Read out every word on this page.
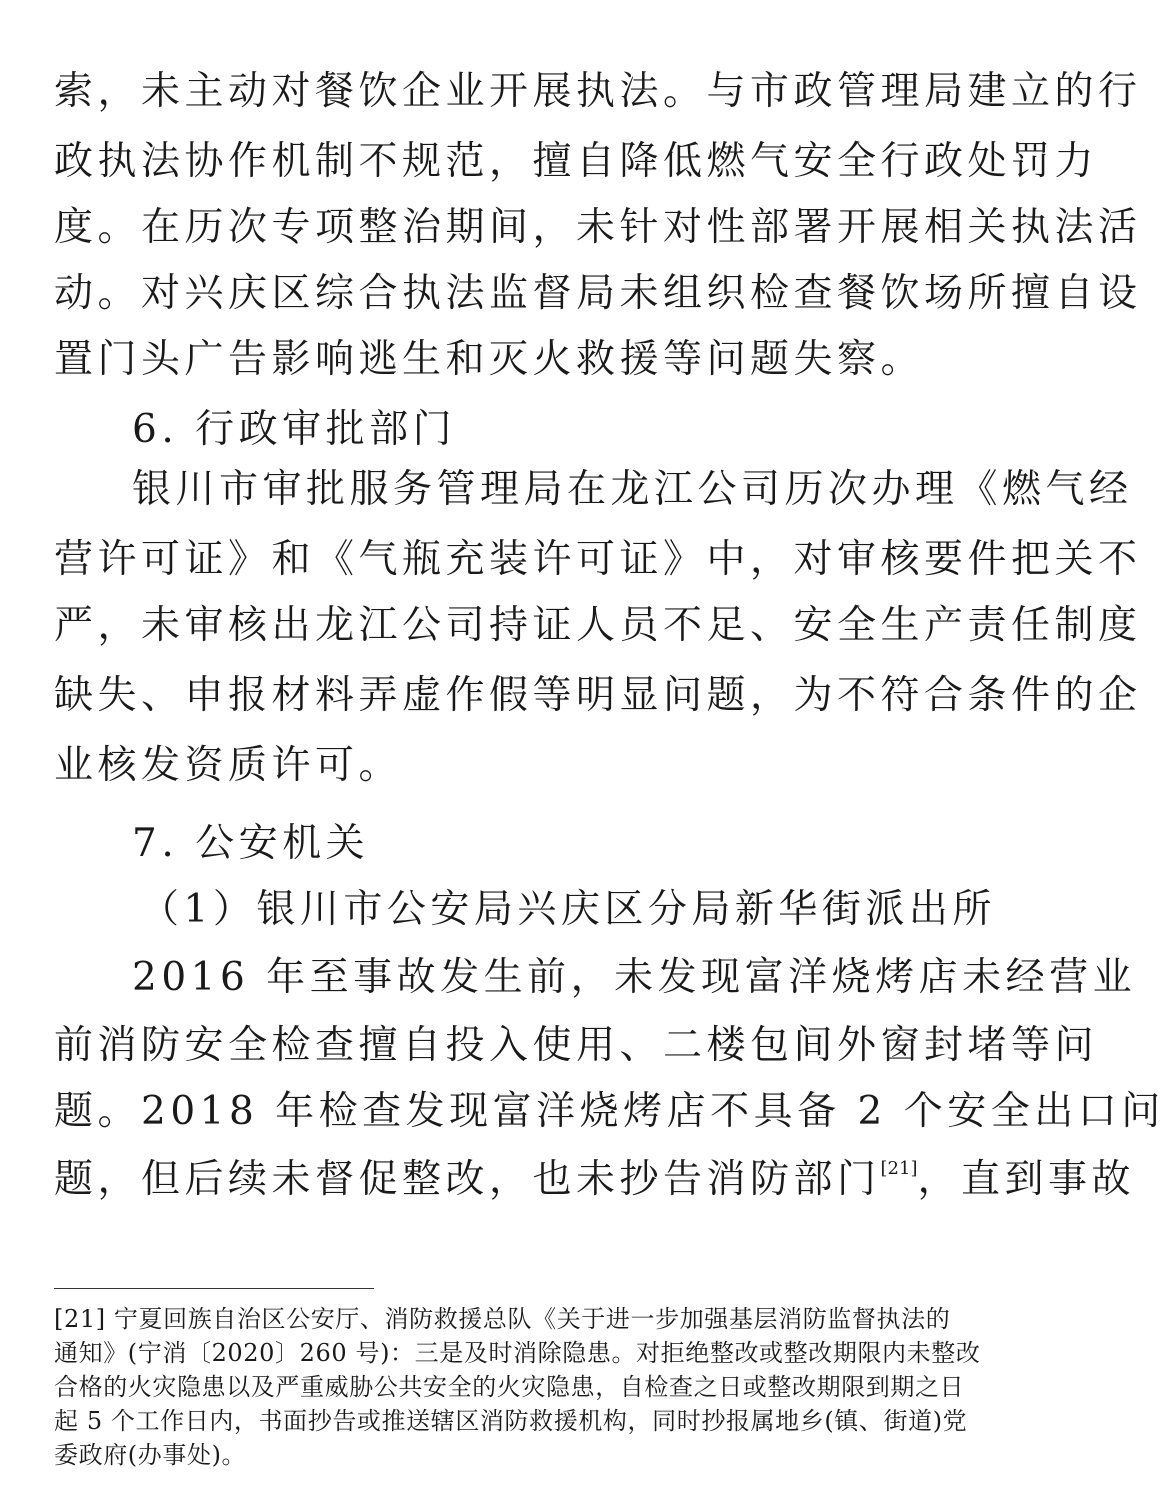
索，未主动对餐饮企业开展执法。与市政管理局建立的行
政执法协作机制不规范，擅自降低燃气安全行政处罚力
度。在历次专项整治期间，未针对性部署开展相关执法活
动。对兴庆区综合执法监督局未组织检查餐饮场所擅自设
置门头广告影响逃生和灭火救援等问题失察。
6. 行政审批部门
银川市审批服务管理局在龙江公司历次办理《燃气经
营许可证》和《气瓶充装许可证》中，对审核要件把关不
严，未审核出龙江公司持证人员不足、安全生产责任制度
缺失、申报材料弄虚作假等明显问题，为不符合条件的企
业核发资质许可。
7. 公安机关
（1）银川市公安局兴庆区分局新华街派出所
2016 年至事故发生前，未发现富洋烧烤店未经营业
前消防安全检查擅自投入使用、二楼包间外窗封堵等问
题。2018 年检查发现富洋烧烤店不具备 2 个安全出口问
题，但后续未督促整改，也未抄告消防部门[21]，直到事故
[21] 宁夏回族自治区公安厅、消防救援总队《关于进一步加强基层消防监督执法的
通知》(宁消〔2020〕260 号)：三是及时消除隐患。对拒绝整改或整改期限内未整改
合格的火灾隐患以及严重威胁公共安全的火灾隐患，自检查之日或整改期限到期之日
起 5 个工作日内，书面抄告或推送辖区消防救援机构，同时抄报属地乡(镇、街道)党
委政府(办事处)。
